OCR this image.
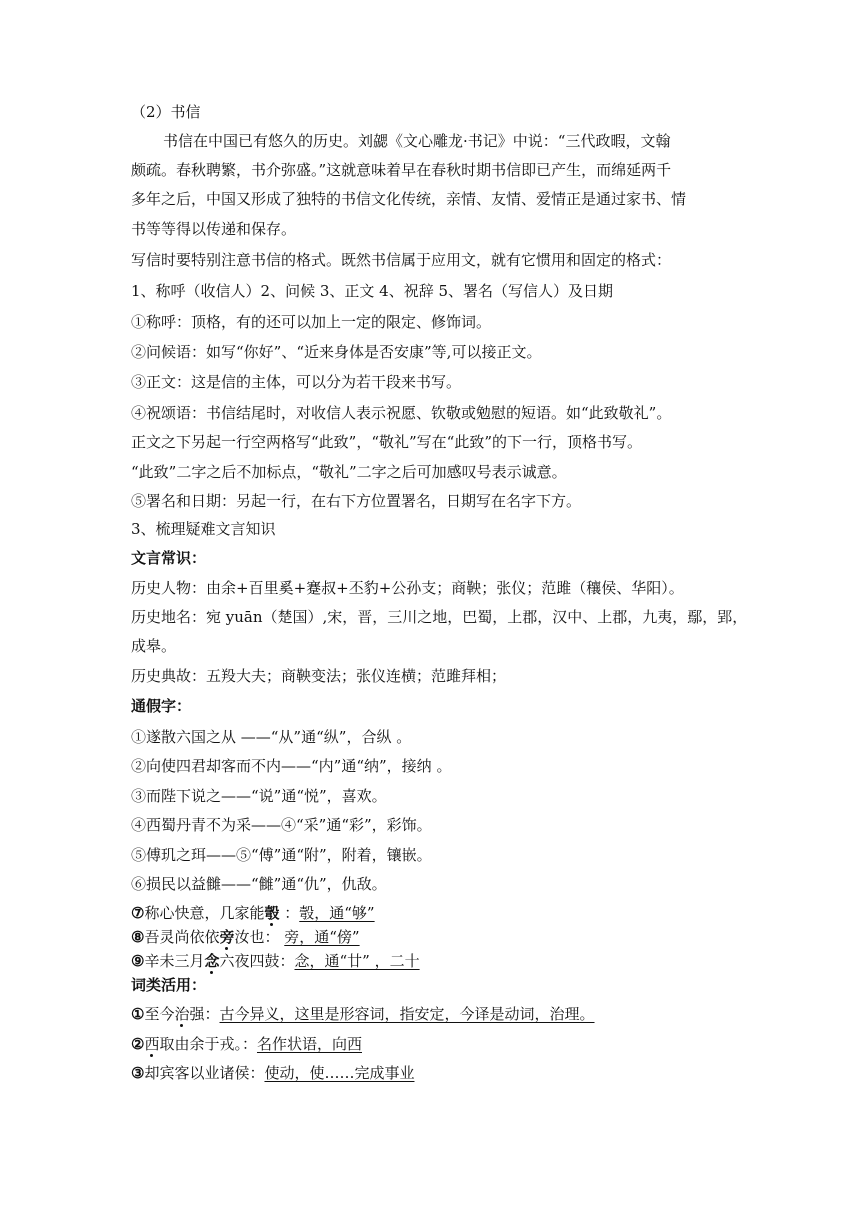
（2）书信
书信在中国已有悠久的历史。刘勰《文心雕龙·书记》中说：“三代政暇，文翰
颇疏。春秋聘繁，书介弥盛。”这就意味着早在春秋时期书信即已产生，而绵延两千
多年之后，中国又形成了独特的书信文化传统，亲情、友情、爱情正是通过家书、情
书等等得以传递和保存。
写信时要特别注意书信的格式。既然书信属于应用文，就有它惯用和固定的格式：
1、称呼（收信人）2、问候 3、正文 4、祝辞 5、署名（写信人）及日期
①称呼：顶格，有的还可以加上一定的限定、修饰词。
②问候语：如写“你好”、“近来身体是否安康”等,可以接正文。
③正文：这是信的主体，可以分为若干段来书写。
④祝颂语：书信结尾时，对收信人表示祝愿、钦敬或勉慰的短语。如“此致敬礼”。
正文之下另起一行空两格写“此致”，“敬礼”写在“此致”的下一行，顶格书写。
“此致”二字之后不加标点，“敬礼”二字之后可加感叹号表示诚意。
⑤署名和日期：另起一行，在右下方位置署名，日期写在名字下方。
3、梳理疑难文言知识
文言常识：
历史人物：由余+百里奚+蹇叔+丕豹+公孙支；商鞅；张仪；范雎（穰侯、华阳）。
历史地名：宛 yuān（楚国）,宋，晋，三川之地，巴蜀，上郡，汉中、上郡，九夷，鄢，郢，
成皋。
历史典故：五羖大夫；商鞅变法；张仪连横；范雎拜相；
通假字：
①遂散六国之从 ——“从”通“纵”，合纵 。
②向使四君却客而不内——“内”通“纳”，接纳 。
③而陛下说之——“说”通“悦”，喜欢。
④西蜀丹青不为采——④“采”通“彩”，彩饰。
⑤傅玑之珥——⑤“傅”通“附”，附着，镶嵌。
⑥损民以益雠——“雠”通“仇”，仇敌。
⑦称心快意，几家能彀 ：彀，通“够”
⑧吾灵尚依依旁汝也： 旁，通“傍”
⑨辛未三月念六夜四鼓：念，通“廿” ，二十
词类活用：
①至今治强：古今异义，这里是形容词，指安定，今译是动词，治理。
②西取由余于戎。：名作状语，向西
③却宾客以业诸侯：使动，使……完成事业
